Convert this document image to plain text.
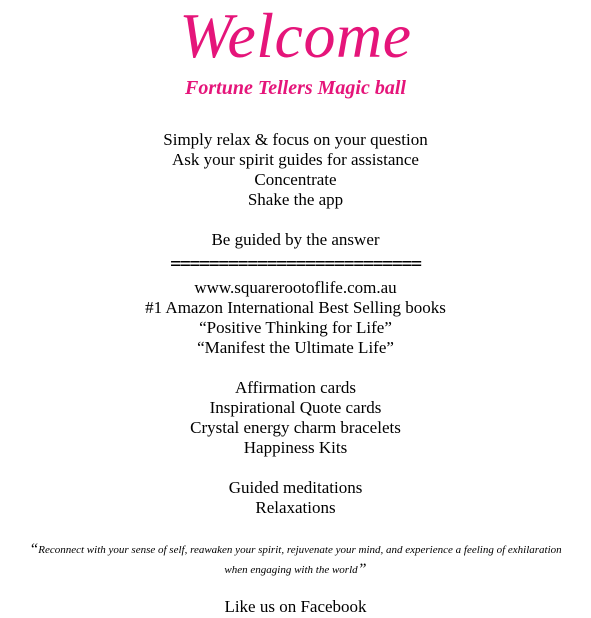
Welcome
Fortune Tellers Magic ball
Simply relax & focus on your question
Ask your spirit guides for assistance
Concentrate
Shake the app
Be guided by the answer
==========================
www.squarerootoflife.com.au
#1 Amazon International Best Selling books
“Positive Thinking for Life”
“Manifest the Ultimate Life”
Affirmation cards
Inspirational Quote cards
Crystal energy charm bracelets
Happiness Kits
Guided meditations
Relaxations
“Reconnect with your sense of self, reawaken your spirit, rejuvenate your mind, and experience a feeling of exhilaration
when engaging with the world”
Like us on Facebook
